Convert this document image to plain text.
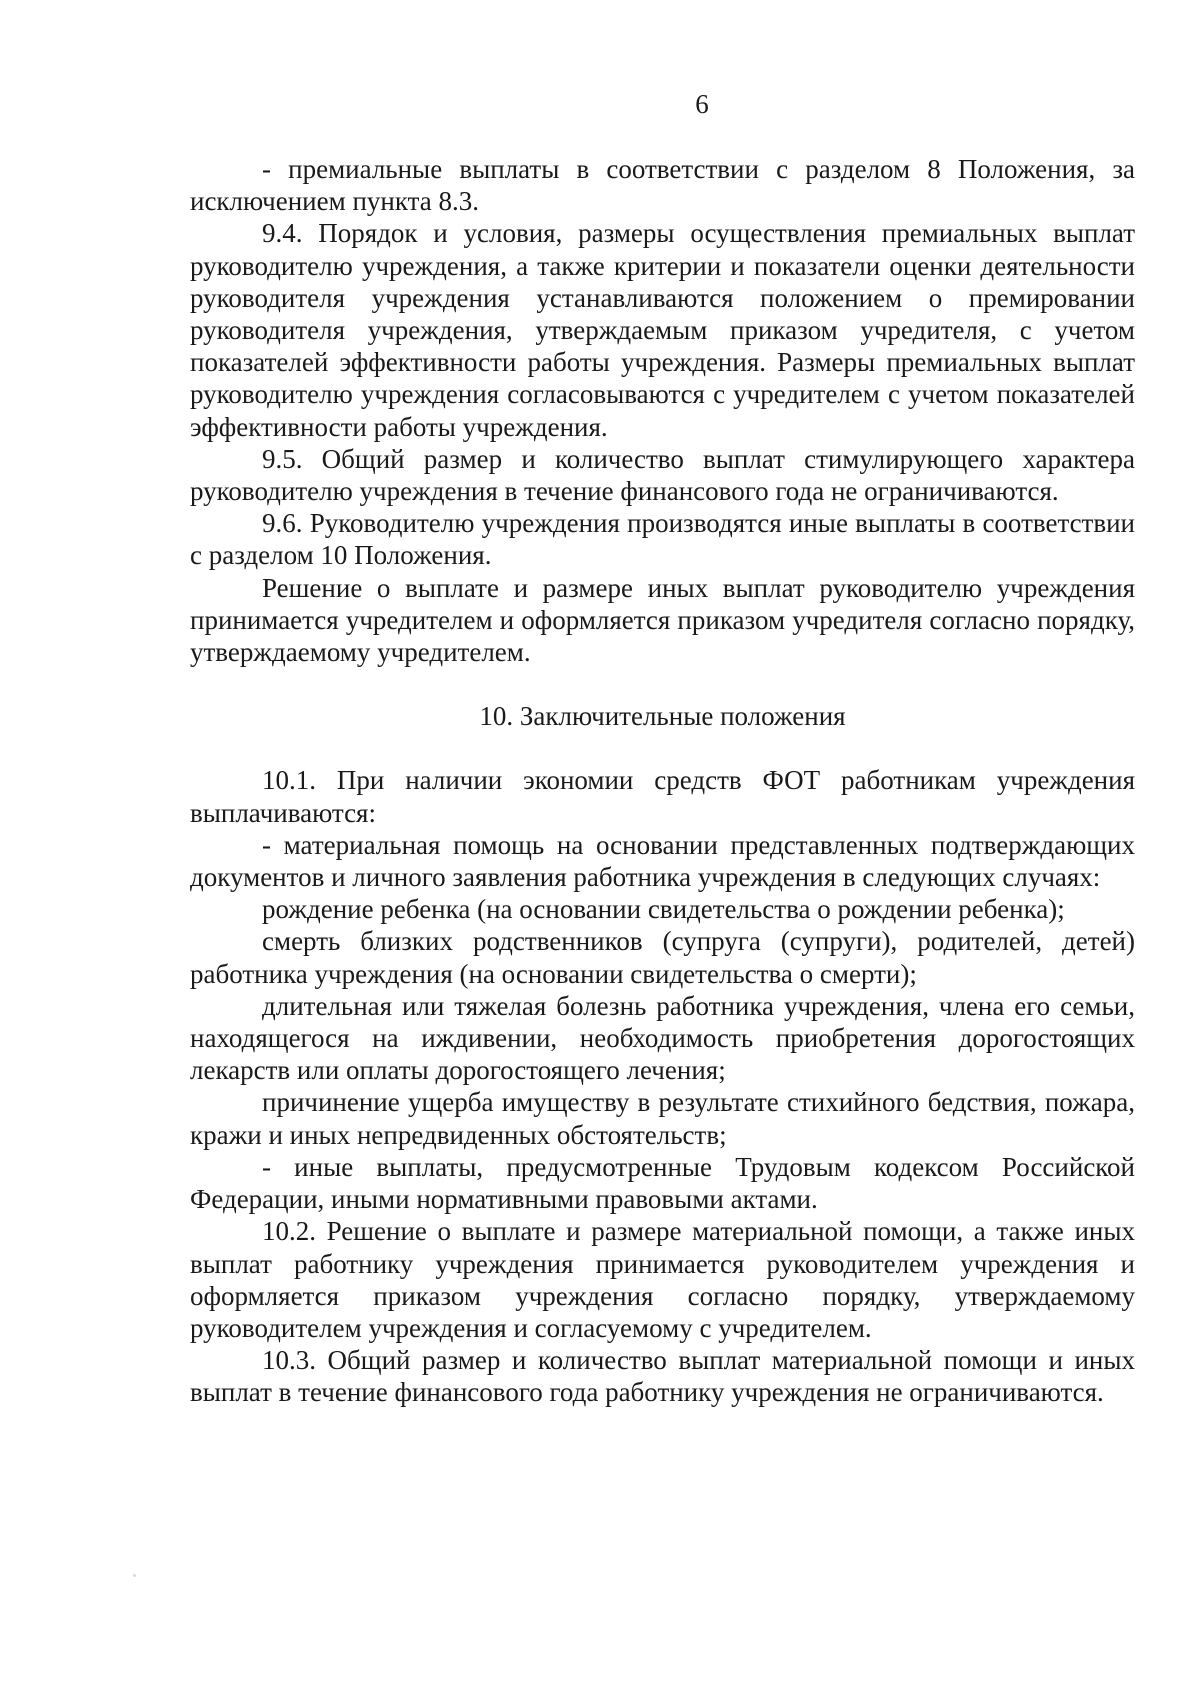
6

- премиальные выплаты в соответствии с разделом 8 Положения, за исключением пункта 8.3.

9.4. Порядок и условия, размеры осуществления премиальных выплат руководителю учреждения, а также критерии и показатели оценки деятельности руководителя учреждения устанавливаются положением о премировании руководителя учреждения, утверждаемым приказом учредителя, с учетом показателей эффективности работы учреждения. Размеры премиальных выплат руководителю учреждения согласовываются с учредителем с учетом показателей эффективности работы учреждения.

9.5. Общий размер и количество выплат стимулирующего характера руководителю учреждения в течение финансового года не ограничиваются.

9.6. Руководителю учреждения производятся иные выплаты в соответствии с разделом 10 Положения.

Решение о выплате и размере иных выплат руководителю учреждения принимается учредителем и оформляется приказом учредителя согласно порядку, утверждаемому учредителем.

10. Заключительные положения

10.1. При наличии экономии средств ФОТ работникам учреждения выплачиваются:

- материальная помощь на основании представленных подтверждающих документов и личного заявления работника учреждения в следующих случаях:

рождение ребенка (на основании свидетельства о рождении ребенка);

смерть близких родственников (супруга (супруги), родителей, детей) работника учреждения (на основании свидетельства о смерти);

длительная или тяжелая болезнь работника учреждения, члена его семьи, находящегося на иждивении, необходимость приобретения дорогостоящих лекарств или оплаты дорогостоящего лечения;

причинение ущерба имуществу в результате стихийного бедствия, пожара, кражи и иных непредвиденных обстоятельств;

- иные выплаты, предусмотренные Трудовым кодексом Российской Федерации, иными нормативными правовыми актами.

10.2. Решение о выплате и размере материальной помощи, а также иных выплат работнику учреждения принимается руководителем учреждения и оформляется приказом учреждения согласно порядку, утверждаемому руководителем учреждения и согласуемому с учредителем.

10.3. Общий размер и количество выплат материальной помощи и иных выплат в течение финансового года работнику учреждения не ограничиваются.
